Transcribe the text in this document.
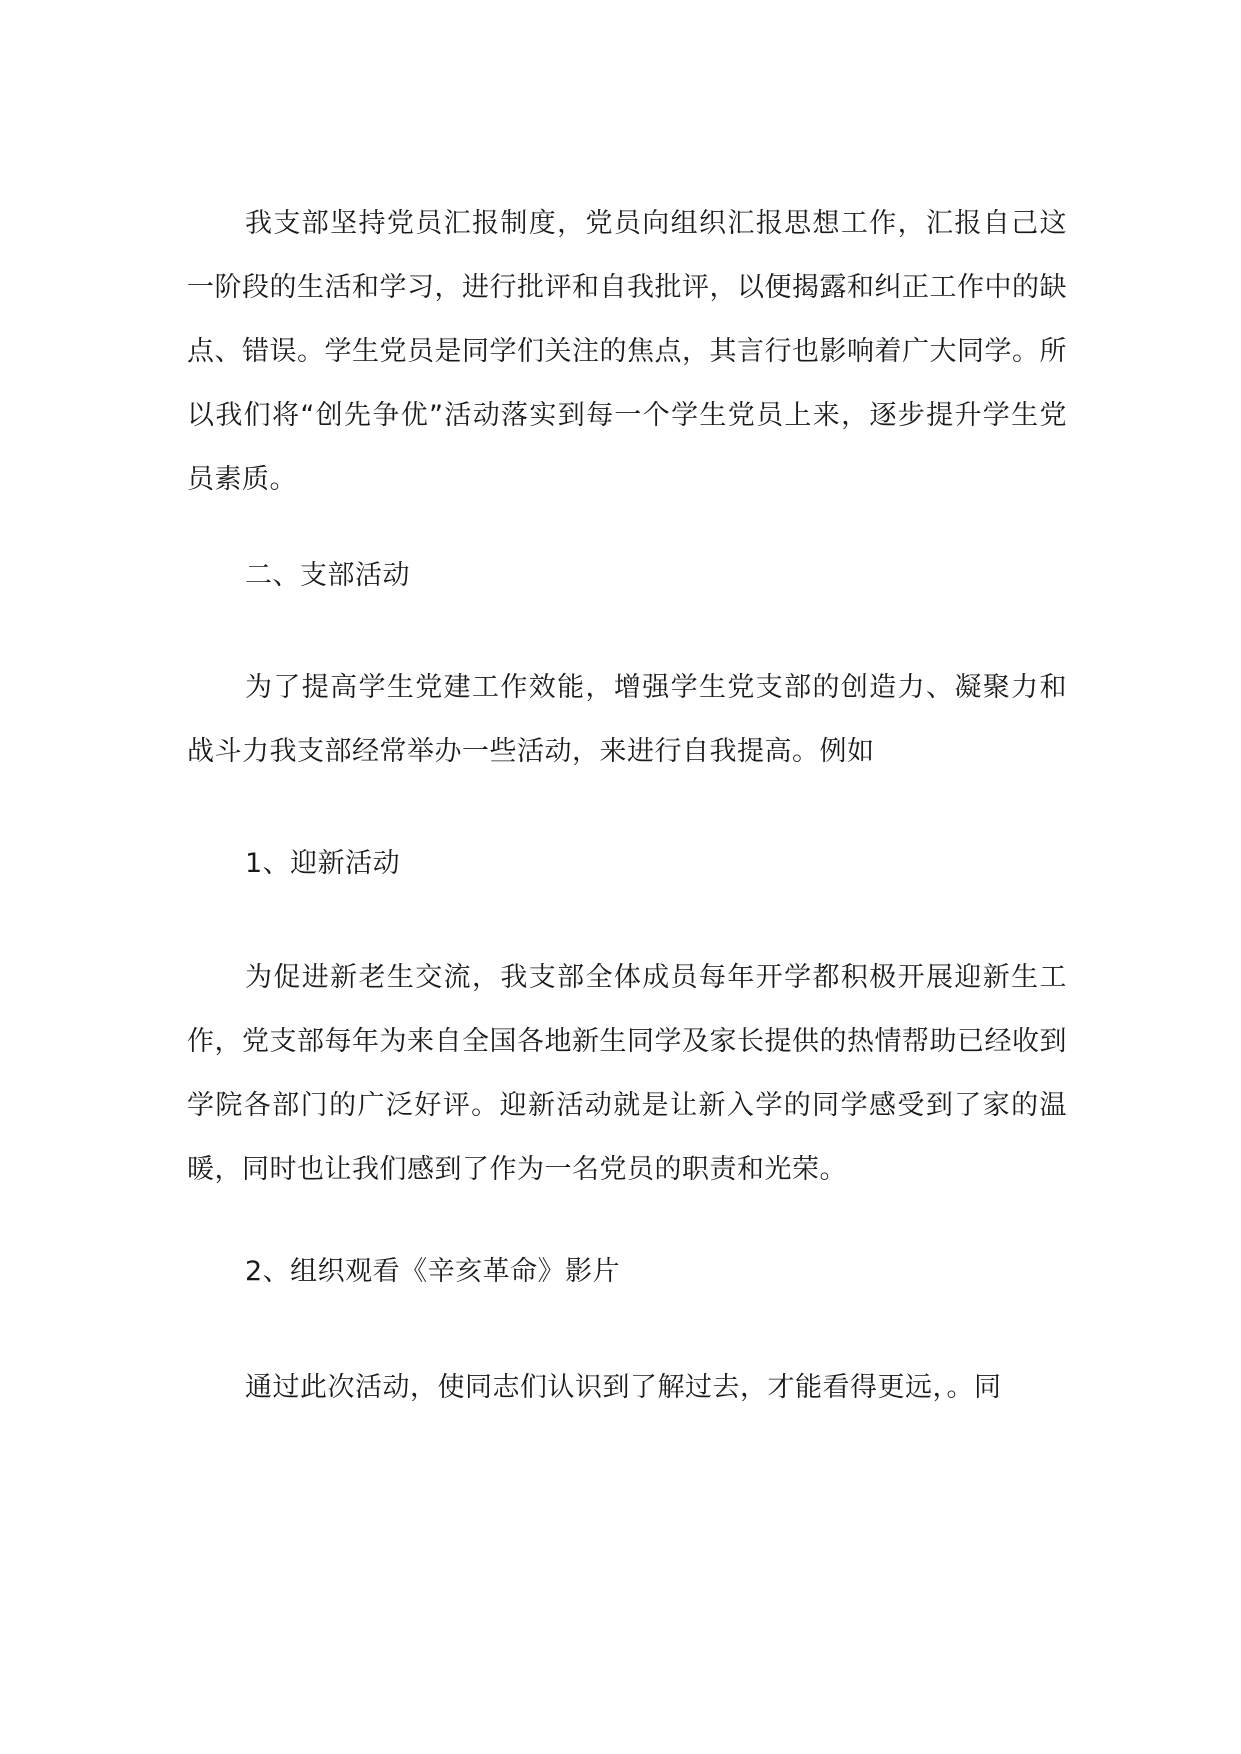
我支部坚持党员汇报制度，党员向组织汇报思想工作，汇报自己这一阶段的生活和学习，进行批评和自我批评，以便揭露和纠正工作中的缺点、错误。学生党员是同学们关注的焦点，其言行也影响着广大同学。所以我们将“创先争优”活动落实到每一个学生党员上来，逐步提升学生党员素质。
二、支部活动
为了提高学生党建工作效能，增强学生党支部的创造力、凝聚力和战斗力我支部经常举办一些活动，来进行自我提高。例如
1、迎新活动
为促进新老生交流，我支部全体成员每年开学都积极开展迎新生工作，党支部每年为来自全国各地新生同学及家长提供的热情帮助已经收到学院各部门的广泛好评。迎新活动就是让新入学的同学感受到了家的温暖，同时也让我们感到了作为一名党员的职责和光荣。
2、组织观看《辛亥革命》影片
通过此次活动，使同志们认识到了解过去，才能看得更远，。同
